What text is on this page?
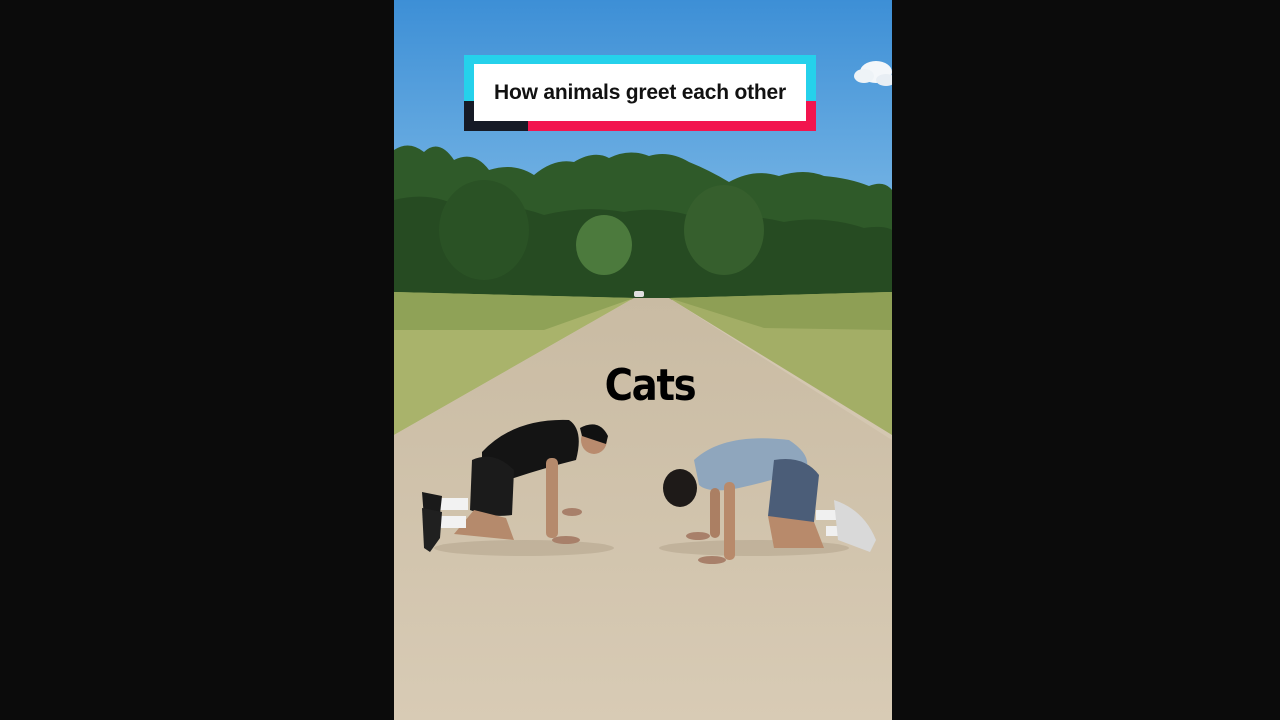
How animals greet each other
Cats
